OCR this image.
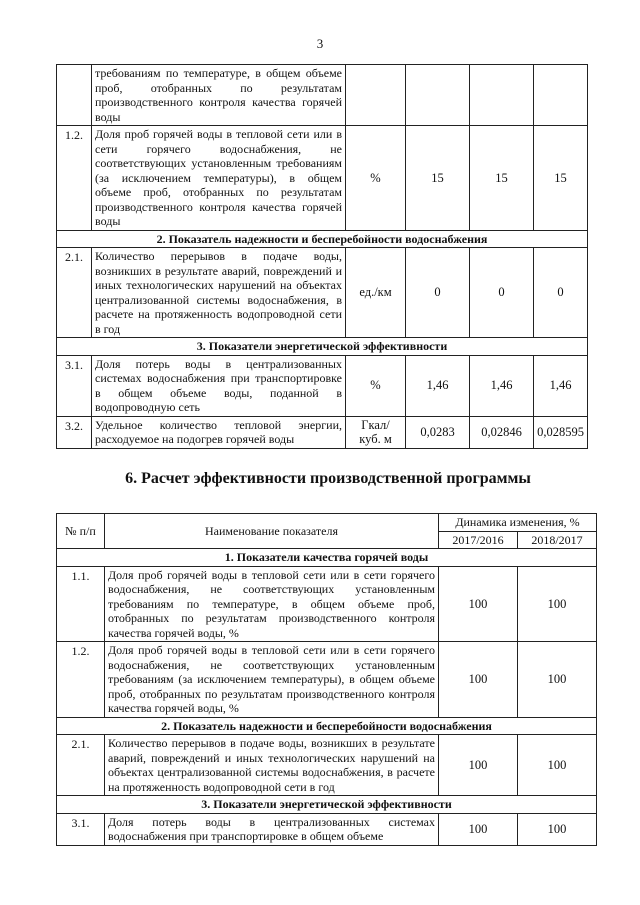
3
	требованиям по температуре, в общем объеме проб, отобранных по результатам производственного контроля качества горячей воды				
1.2.	Доля проб горячей воды в тепловой сети или в сети горячего водоснабжения, не соответствующих установленным требованиям (за исключением температуры), в общем объеме проб, отобранных по результатам производственного контроля качества горячей воды	%	15	15	15
2. Показатель надежности и бесперебойности водоснабжения					
2.1.	Количество перерывов в подаче воды, возникших в результате аварий, повреждений и иных технологических нарушений на объектах централизованной системы водоснабжения, в расчете на протяженность водопроводной сети в год	ед./км	0	0	0
3. Показатели энергетической эффективности					
3.1.	Доля потерь воды в централизованных системах водоснабжения при транспортировке в общем объеме воды, поданной в водопроводную сеть	%	1,46	1,46	1,46
3.2.	Удельное количество тепловой энергии, расходуемое на подогрев горячей воды	Гкал/ куб. м	0,0283	0,02846	0,028595
6. Расчет эффективности производственной программы
№ п/п	Наименование показателя	Динамика изменения, %	
		2017/2016	2018/2017
1. Показатели качества горячей воды			
1.1.	Доля проб горячей воды в тепловой сети или в сети горячего водоснабжения, не соответствующих установленным требованиям по температуре, в общем объеме проб, отобранных по результатам производственного контроля качества горячей воды, %	100	100
1.2.	Доля проб горячей воды в тепловой сети или в сети горячего водоснабжения, не соответствующих установленным требованиям (за исключением температуры), в общем объеме проб, отобранных по результатам производственного контроля качества горячей воды, %	100	100
2. Показатель надежности и бесперебойности водоснабжения			
2.1.	Количество перерывов в подаче воды, возникших в результате аварий, повреждений и иных технологических нарушений на объектах централизованной системы водоснабжения, в расчете на протяженность водопроводной сети в год	100	100
3. Показатели энергетической эффективности			
3.1.	Доля потерь воды в централизованных системах водоснабжения при транспортировке в общем объеме	100	100
